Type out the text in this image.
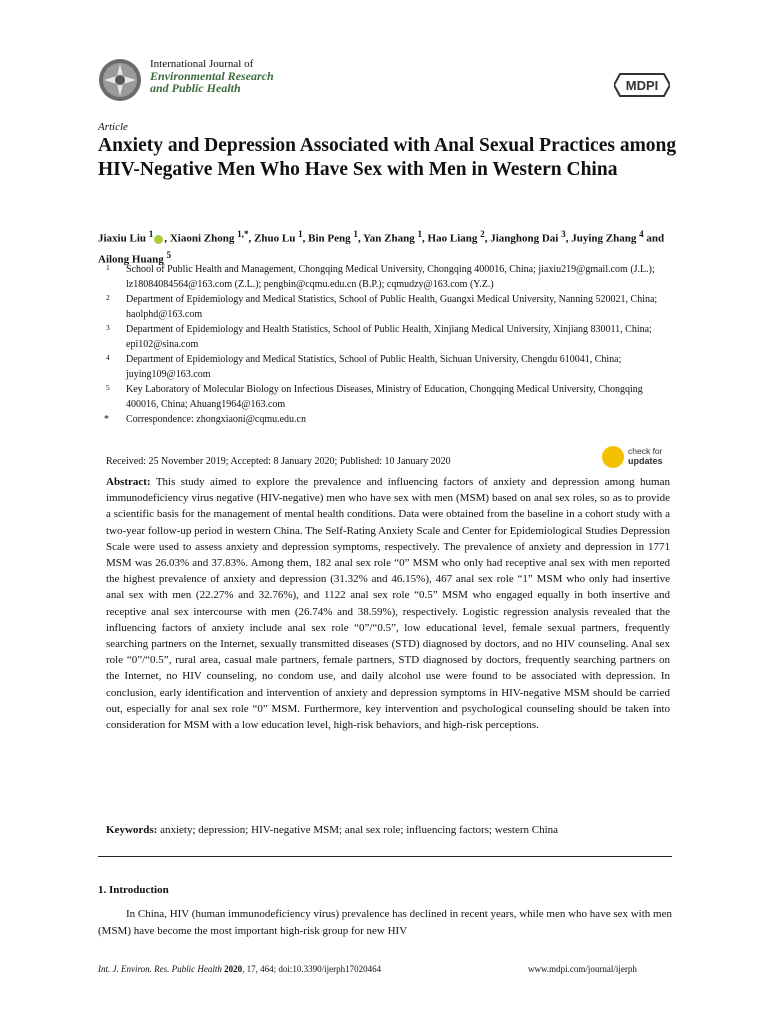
International Journal of
Environmental Research
and Public Health	MDPI
Article
Anxiety and Depression Associated with Anal Sexual Practices among HIV-Negative Men Who Have Sex with Men in Western China

Jiaxiu Liu $^1$ , Xiaoni Zhong $^{1,*}$, Zhuo Lu $^1$, Bin Peng $^1$, Yan Zhang $^1$, Hao Liang $^2$, Jianghong Dai $^3$, Juying Zhang $^4$ and Ailong Huang $^5$

1 School of Public Health and Management, Chongqing Medical University, Chongqing 400016, China; jiaxiu219@gmail.com (J.L.); lz18084084564@163.com (Z.L.); pengbin@cqmu.edu.cn (B.P.); cqmudzy@163.com (Y.Z.)
2 Department of Epidemiology and Medical Statistics, School of Public Health, Guangxi Medical University, Nanning 520021, China; haolphd@163.com
3 Department of Epidemiology and Health Statistics, School of Public Health, Xinjiang Medical University, Xinjiang 830011, China; epi102@sina.com
4 Department of Epidemiology and Medical Statistics, School of Public Health, Sichuan University, Chengdu 610041, China; juying109@163.com
5 Key Laboratory of Molecular Biology on Infectious Diseases, Ministry of Education, Chongqing Medical University, Chongqing 400016, China; Ahuang1964@163.com
* Correspondence: zhongxiaoni@cqmu.edu.cn
Received: 25 November 2019; Accepted: 8 January 2020; Published: 10 January 2020
check for
updates

Abstract: This study aimed to explore the prevalence and influencing factors of anxiety and depression among human immunodeficiency virus negative (HIV-negative) men who have sex with men (MSM) based on anal sex roles, so as to provide a scientific basis for the management of mental health conditions. Data were obtained from the baseline in a cohort study with a two-year follow-up period in western China. The Self-Rating Anxiety Scale and Center for Epidemiological Studies Depression Scale were used to assess anxiety and depression symptoms, respectively. The prevalence of anxiety and depression in 1771 MSM was 26.03% and 37.83%. Among them, 182 anal sex role “0” MSM who only had receptive anal sex with men reported the highest prevalence of anxiety and depression (31.32% and 46.15%), 467 anal sex role “1” MSM who only had insertive anal sex with men (22.27% and 32.76%), and 1122 anal sex role “0.5” MSM who engaged equally in both insertive and receptive anal sex intercourse with men (26.74% and 38.59%), respectively. Logistic regression analysis revealed that the influencing factors of anxiety include anal sex role “0”/“0.5”, low educational level, female sexual partners, frequently searching partners on the Internet, sexually transmitted diseases (STD) diagnosed by doctors, and no HIV counseling. Anal sex role “0”/“0.5”, rural area, casual male partners, female partners, STD diagnosed by doctors, frequently searching partners on the Internet, no HIV counseling, no condom use, and daily alcohol use were found to be associated with depression. In conclusion, early identification and intervention of anxiety and depression symptoms in HIV-negative MSM should be carried out, especially for anal sex role “0” MSM. Furthermore, key intervention and psychological counseling should be taken into consideration for MSM with a low education level, high-risk behaviors, and high-risk perceptions.

Keywords: anxiety; depression; HIV-negative MSM; anal sex role; influencing factors; western China

1. Introduction

In China, HIV (human immunodeficiency virus) prevalence has declined in recent years, while men who have sex with men (MSM) have become the most important high-risk group for new HIV

Int. J. Environ. Res. Public Health 2020, 17, 464; doi:10.3390/ijerph17020464	www.mdpi.com/journal/ijerph
